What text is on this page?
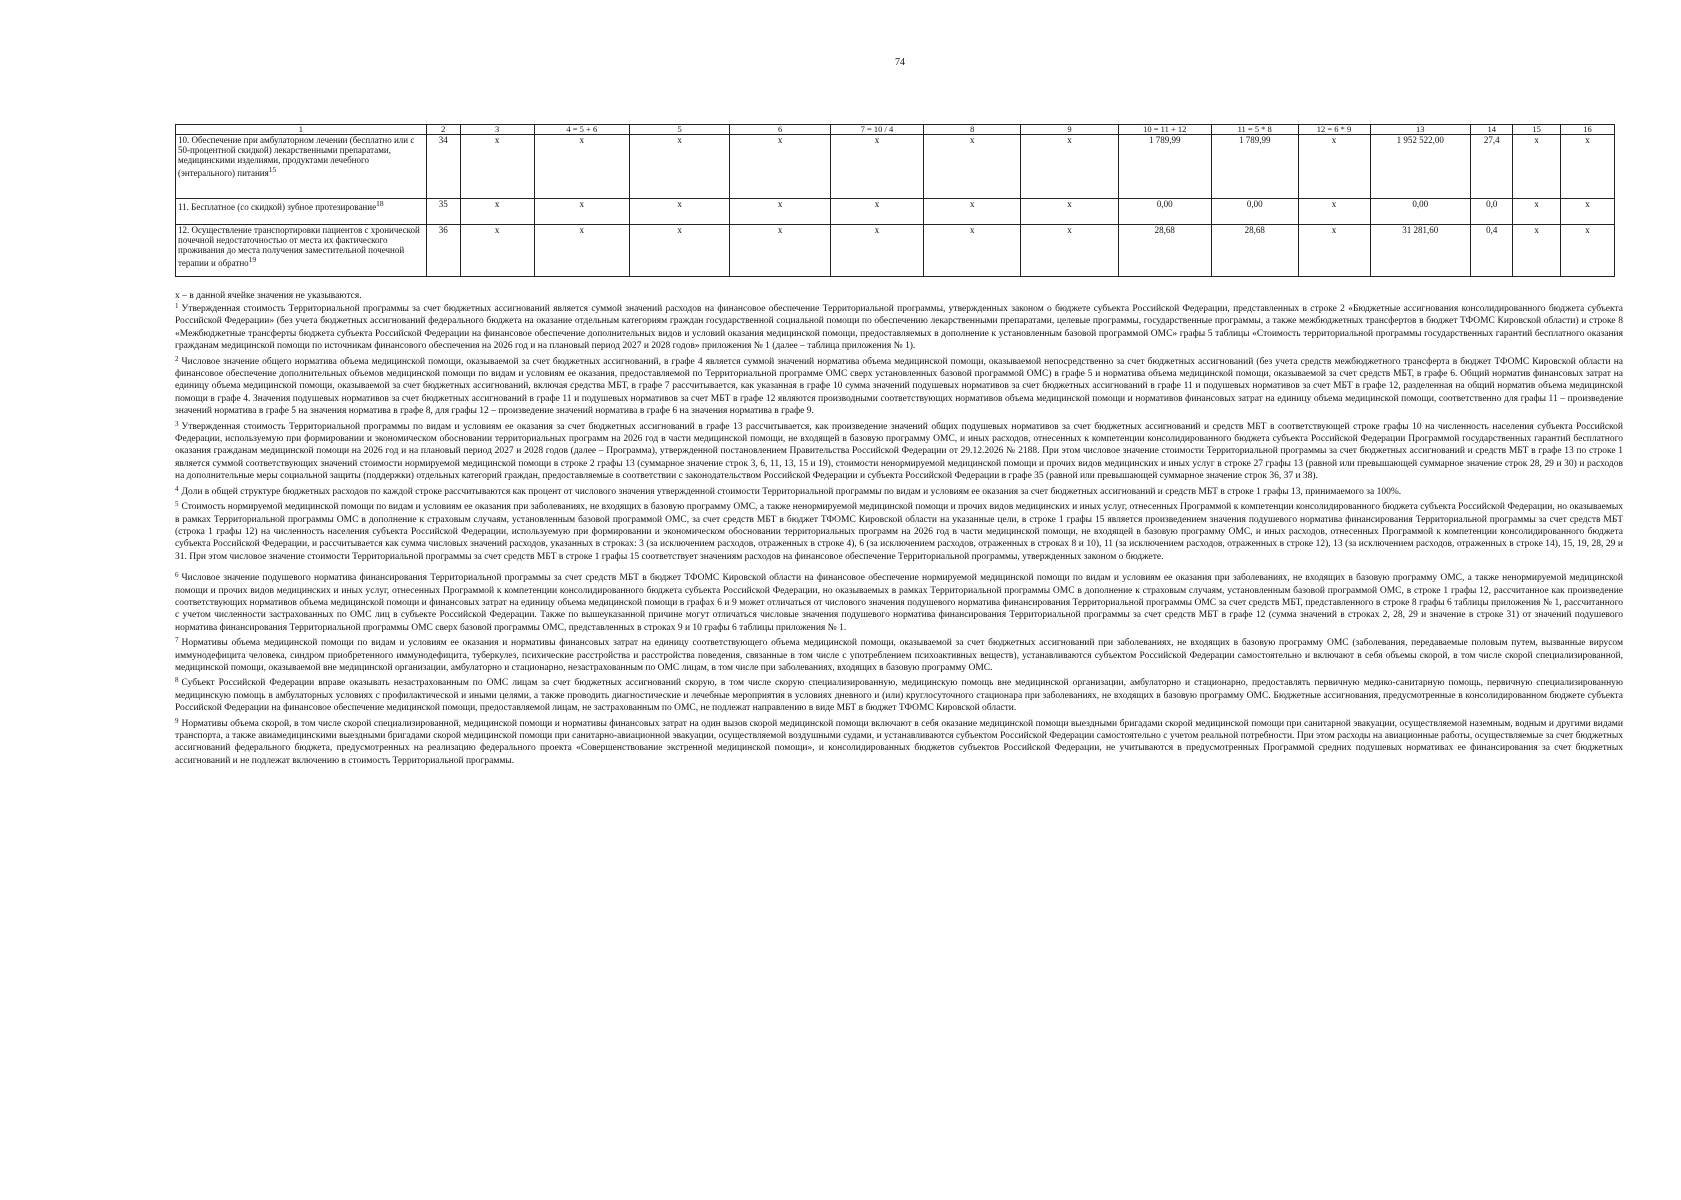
74
1	2	3	4 = 5 + 6	5	6	7 = 10 / 4	8	9	10 = 11 + 12	11 = 5 * 8	12 = 6 * 9	13	14	15	16
10. Обеспечение при амбулаторном лечении (бесплатно или с 50-процентной скидкой) лекарственными препаратами, медицинскими изделиями, продуктами лечебного (энтерального) питания$^{15}$	34	x	x	x	x	x	x	x	1 789,99	1 789,99	x	1 952 522,00	27,4	x	x
11. Бесплатное (со скидкой) зубное протезирование$^{18}$	35	x	x	x	x	x	x	x	0,00	0,00	x	0,00	0,0	x	x
12. Осуществление транспортировки пациентов с хронической почечной недостаточностью от места их фактического проживания до места получения заместительной почечной терапии и обратно$^{19}$	36	x	x	x	x	x	x	x	28,68	28,68	x	31 281,60	0,4	x	x
x – в данной ячейке значения не указываются.

$^1$ Утвержденная стоимость Территориальной программы за счет бюджетных ассигнований является суммой значений расходов на финансовое обеспечение Территориальной программы, утвержденных законом о бюджете субъекта Российской Федерации, представленных в строке 2 «Бюджетные ассигнования консолидированного бюджета субъекта Российской Федерации» (без учета бюджетных ассигнований федерального бюджета на оказание отдельным категориям граждан государственной социальной помощи по обеспечению лекарственными препаратами, целевые программы, государственные программы, а также межбюджетных трансфертов в бюджет ТФОМС Кировской области) и строке 8 «Межбюджетные трансферты бюджета субъекта Российской Федерации на финансовое обеспечение дополнительных видов и условий оказания медицинской помощи, предоставляемых в дополнение к установленным базовой программой ОМС» графы 5 таблицы «Стоимость территориальной программы государственных гарантий бесплатного оказания гражданам медицинской помощи по источникам финансового обеспечения на 2026 год и на плановый период 2027 и 2028 годов» приложения № 1 (далее – таблица приложения № 1).

$^2$ Числовое значение общего норматива объема медицинской помощи, оказываемой за счет бюджетных ассигнований, в графе 4 является суммой значений норматива объема медицинской помощи, оказываемой непосредственно за счет бюджетных ассигнований (без учета средств межбюджетного трансферта в бюджет ТФОМС Кировской области на финансовое обеспечение дополнительных объемов медицинской помощи по видам и условиям ее оказания, предоставляемой по Территориальной программе ОМС сверх установленных базовой программой ОМС) в графе 5 и норматива объема медицинской помощи, оказываемой за счет средств МБТ, в графе 6. Общий норматив финансовых затрат на единицу объема медицинской помощи, оказываемой за счет бюджетных ассигнований, включая средства МБТ, в графе 7 рассчитывается, как указанная в графе 10 сумма значений подушевых нормативов за счет бюджетных ассигнований в графе 11 и подушевых нормативов за счет МБТ в графе 12, разделенная на общий норматив объема медицинской помощи в графе 4. Значения подушевых нормативов за счет бюджетных ассигнований в графе 11 и подушевых нормативов за счет МБТ в графе 12 являются производными соответствующих нормативов объема медицинской помощи и нормативов финансовых затрат на единицу объема медицинской помощи, соответственно для графы 11 – произведение значений норматива в графе 5 на значения норматива в графе 8, для графы 12 – произведение значений норматива в графе 6 на значения норматива в графе 9.

$^3$ Утвержденная стоимость Территориальной программы по видам и условиям ее оказания за счет бюджетных ассигнований в графе 13 рассчитывается, как произведение значений общих подушевых нормативов за счет бюджетных ассигнований и средств МБТ в соответствующей строке графы 10 на численность населения субъекта Российской Федерации, используемую при формировании и экономическом обосновании территориальных программ на 2026 год в части медицинской помощи, не входящей в базовую программу ОМС, и иных расходов, отнесенных к компетенции консолидированного бюджета субъекта Российской Федерации Программой государственных гарантий бесплатного оказания гражданам медицинской помощи на 2026 год и на плановый период 2027 и 2028 годов (далее – Программа), утвержденной постановлением Правительства Российской Федерации от 29.12.2026 № 2188. При этом числовое значение стоимости Территориальной программы за счет бюджетных ассигнований и средств МБТ в графе 13 по строке 1 является суммой соответствующих значений стоимости нормируемой медицинской помощи в строке 2 графы 13 (суммарное значение строк 3, 6, 11, 13, 15 и 19), стоимости ненормируемой медицинской помощи и прочих видов медицинских и иных услуг в строке 27 графы 13 (равной или превышающей суммарное значение строк 28, 29 и 30) и расходов на дополнительные меры социальной защиты (поддержки) отдельных категорий граждан, предоставляемые в соответствии с законодательством Российской Федерации и субъекта Российской Федерации в графе 35 (равной или превышающей суммарное значение строк 36, 37 и 38).

$^4$ Доли в общей структуре бюджетных расходов по каждой строке рассчитываются как процент от числового значения утвержденной стоимости Территориальной программы по видам и условиям ее оказания за счет бюджетных ассигнований и средств МБТ в строке 1 графы 13, принимаемого за 100%.

$^5$ Стоимость нормируемой медицинской помощи по видам и условиям ее оказания при заболеваниях, не входящих в базовую программу ОМС, а также ненормируемой медицинской помощи и прочих видов медицинских и иных услуг, отнесенных Программой к компетенции консолидированного бюджета субъекта Российской Федерации, но оказываемых в рамках Территориальной программы ОМС в дополнение к страховым случаям, установленным базовой программой ОМС, за счет средств МБТ в бюджет ТФОМС Кировской области на указанные цели, в строке 1 графы 15 является произведением значения подушевого норматива финансирования Территориальной программы за счет средств МБТ (строка 1 графы 12) на численность населения субъекта Российской Федерации, используемую при формировании и экономическом обосновании территориальных программ на 2026 год в части медицинской помощи, не входящей в базовую программу ОМС, и иных расходов, отнесенных Программой к компетенции консолидированного бюджета субъекта Российской Федерации, и рассчитывается как сумма числовых значений расходов, указанных в строках: 3 (за исключением расходов, отраженных в строке 4), 6 (за исключением расходов, отраженных в строках 8 и 10), 11 (за исключением расходов, отраженных в строке 12), 13 (за исключением расходов, отраженных в строке 14), 15, 19, 28, 29 и 31. При этом числовое значение стоимости Территориальной программы за счет средств МБТ в строке 1 графы 15 соответствует значениям расходов на финансовое обеспечение Территориальной программы, утвержденных законом о бюджете.

$^6$ Числовое значение подушевого норматива финансирования Территориальной программы за счет средств МБТ в бюджет ТФОМС Кировской области на финансовое обеспечение нормируемой медицинской помощи по видам и условиям ее оказания при заболеваниях, не входящих в базовую программу ОМС, а также ненормируемой медицинской помощи и прочих видов медицинских и иных услуг, отнесенных Программой к компетенции консолидированного бюджета субъекта Российской Федерации, но оказываемых в рамках Территориальной программы ОМС в дополнение к страховым случаям, установленным базовой программой ОМС, в строке 1 графы 12, рассчитанное как произведение соответствующих нормативов объема медицинской помощи и финансовых затрат на единицу объема медицинской помощи в графах 6 и 9 может отличаться от числового значения подушевого норматива финансирования Территориальной программы ОМС за счет средств МБТ, представленного в строке 8 графы 6 таблицы приложения № 1, рассчитанного с учетом численности застрахованных по ОМС лиц в субъекте Российской Федерации. Также по вышеуказанной причине могут отличаться числовые значения подушевого норматива финансирования Территориальной программы за счет средств МБТ в графе 12 (сумма значений в строках 2, 28, 29 и значение в строке 31) от значений подушевого норматива финансирования Территориальной программы ОМС сверх базовой программы ОМС, представленных в строках 9 и 10 графы 6 таблицы приложения № 1.

$^7$ Нормативы объема медицинской помощи по видам и условиям ее оказания и нормативы финансовых затрат на единицу соответствующего объема медицинской помощи, оказываемой за счет бюджетных ассигнований при заболеваниях, не входящих в базовую программу ОМС (заболевания, передаваемые половым путем, вызванные вирусом иммунодефицита человека, синдром приобретенного иммунодефицита, туберкулез, психические расстройства и расстройства поведения, связанные в том числе с употреблением психоактивных веществ), устанавливаются субъектом Российской Федерации самостоятельно и включают в себя объемы скорой, в том числе скорой специализированной, медицинской помощи, оказываемой вне медицинской организации, амбулаторно и стационарно, незастрахованным по ОМС лицам, в том числе при заболеваниях, входящих в базовую программу ОМС.

$^8$ Субъект Российской Федерации вправе оказывать незастрахованным по ОМС лицам за счет бюджетных ассигнований скорую, в том числе скорую специализированную, медицинскую помощь вне медицинской организации, амбулаторно и стационарно, предоставлять первичную медико-санитарную помощь, первичную специализированную медицинскую помощь в амбулаторных условиях с профилактической и иными целями, а также проводить диагностические и лечебные мероприятия в условиях дневного и (или) круглосуточного стационара при заболеваниях, не входящих в базовую программу ОМС. Бюджетные ассигнования, предусмотренные в консолидированном бюджете субъекта Российской Федерации на финансовое обеспечение медицинской помощи, предоставляемой лицам, не застрахованным по ОМС, не подлежат направлению в виде МБТ в бюджет ТФОМС Кировской области.

$^9$ Нормативы объема скорой, в том числе скорой специализированной, медицинской помощи и нормативы финансовых затрат на один вызов скорой медицинской помощи включают в себя оказание медицинской помощи выездными бригадами скорой медицинской помощи при санитарной эвакуации, осуществляемой наземным, водным и другими видами транспорта, а также авиамедицинскими выездными бригадами скорой медицинской помощи при санитарно-авиационной эвакуации, осуществляемой воздушными судами, и устанавливаются субъектом Российской Федерации самостоятельно с учетом реальной потребности. При этом расходы на авиационные работы, осуществляемые за счет бюджетных ассигнований федерального бюджета, предусмотренных на реализацию федерального проекта «Совершенствование экстренной медицинской помощи», и консолидированных бюджетов субъектов Российской Федерации, не учитываются в предусмотренных Программой средних подушевых нормативах ее финансирования за счет бюджетных ассигнований и не подлежат включению в стоимость Территориальной программы.
